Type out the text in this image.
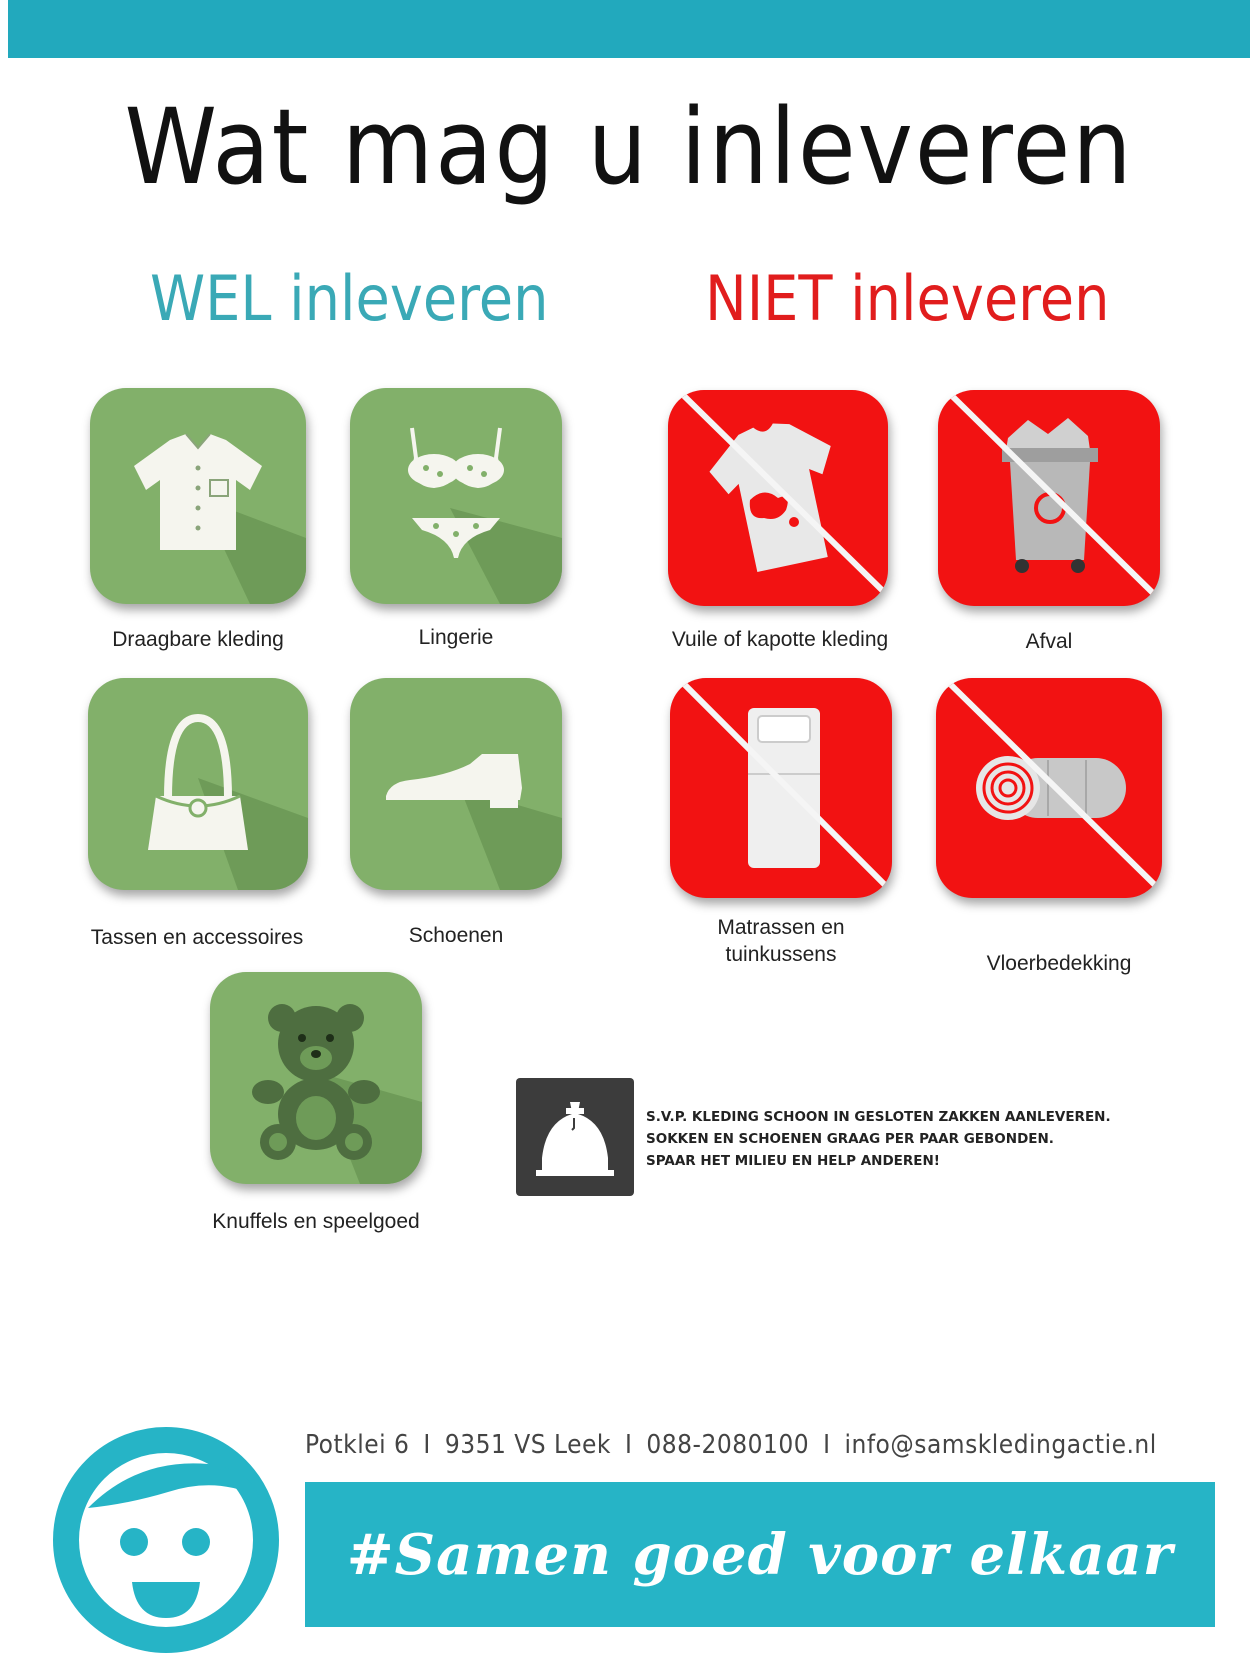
Wat mag u inleveren
WEL inleveren	NIET inleveren
Draagbare kleding	Lingerie
Tassen en accessoires	Schoenen
Knuffels en speelgoed
Vuile of kapotte kleding	Afval
Matrassen en
tuinkussens	Vloerbedekking
S.V.P. KLEDING SCHOON IN GESLOTEN ZAKKEN AANLEVEREN.
SOKKEN EN SCHOENEN GRAAG PER PAAR GEBONDEN.
SPAAR HET MILIEU EN HELP ANDEREN!
Potklei 6 I 9351 VS Leek I 088-2080100 I info@samskledingactie.nl
#Samen goed voor elkaar
